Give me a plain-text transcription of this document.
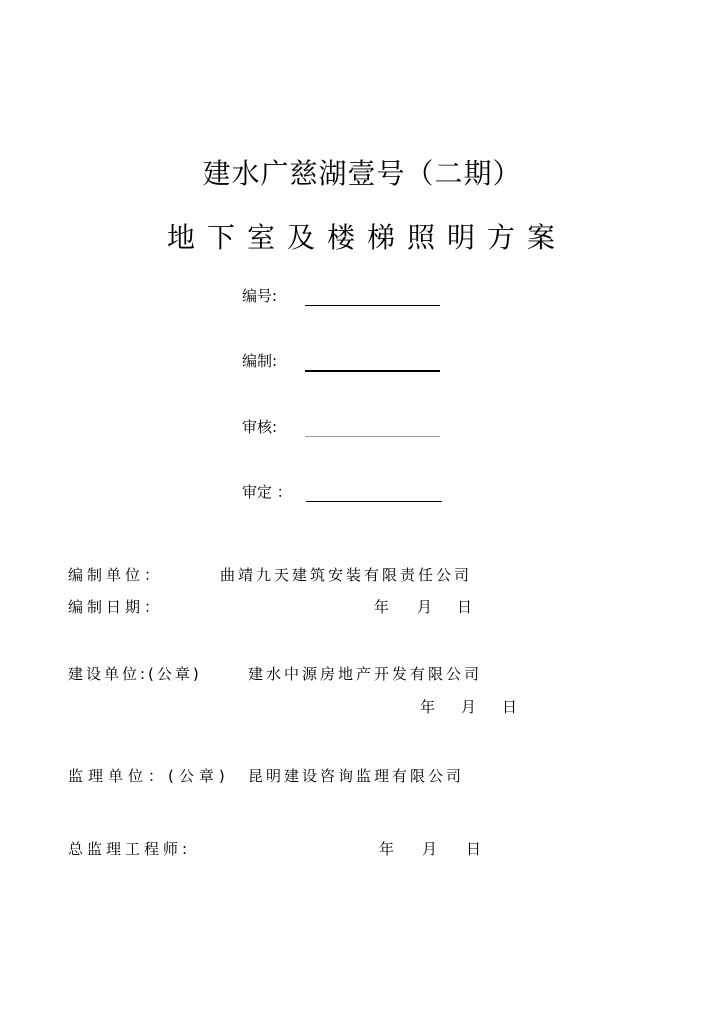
建水广慈湖壹号（二期）
地下室及楼梯照明方案
编号:
编制:
审核:
审定 ：
编制单位：	曲靖九天建筑安装有限责任公司
编制日期：	年 月 日
建设单位:(公章)	建水中源房地产开发有限公司
年 月 日
监理单位：(公章) 昆明建设咨询监理有限公司
总监理工程师:	年 月 日
